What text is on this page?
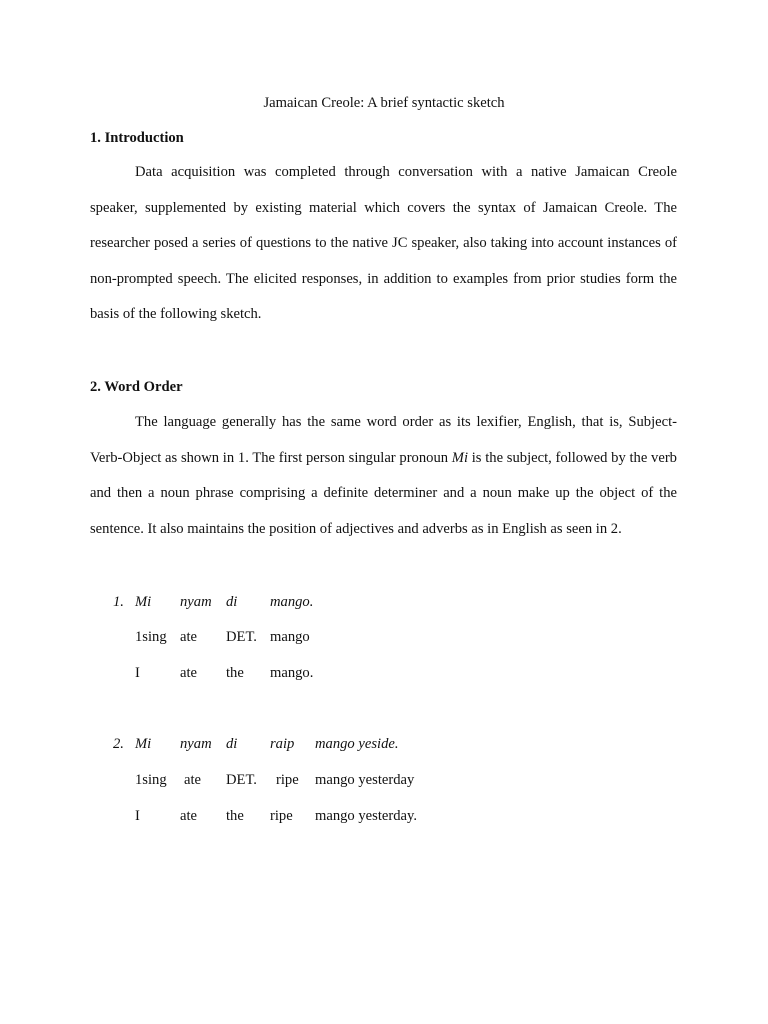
Jamaican Creole: A brief syntactic sketch
1. Introduction

Data acquisition was completed through conversation with a native Jamaican Creole speaker, supplemented by existing material which covers the syntax of Jamaican Creole. The researcher posed a series of questions to the native JC speaker, also taking into account instances of non-prompted speech. The elicited responses, in addition to examples from prior studies form the basis of the following sketch.

2. Word Order

The language generally has the same word order as its lexifier, English, that is, Subject-Verb-Object as shown in 1. The first person singular pronoun Mi is the subject, followed by the verb and then a noun phrase comprising a definite determiner and a noun make up the object of the sentence. It also maintains the position of adjectives and adverbs as in English as seen in 2.

1. Mi nyam di mango.
1sing ate DET. mango
I	ate the mango.
2. Mi nyam di raip mango yeside.
1sing ate DET. ripe mango yesterday
I	ate the ripe mango yesterday.
